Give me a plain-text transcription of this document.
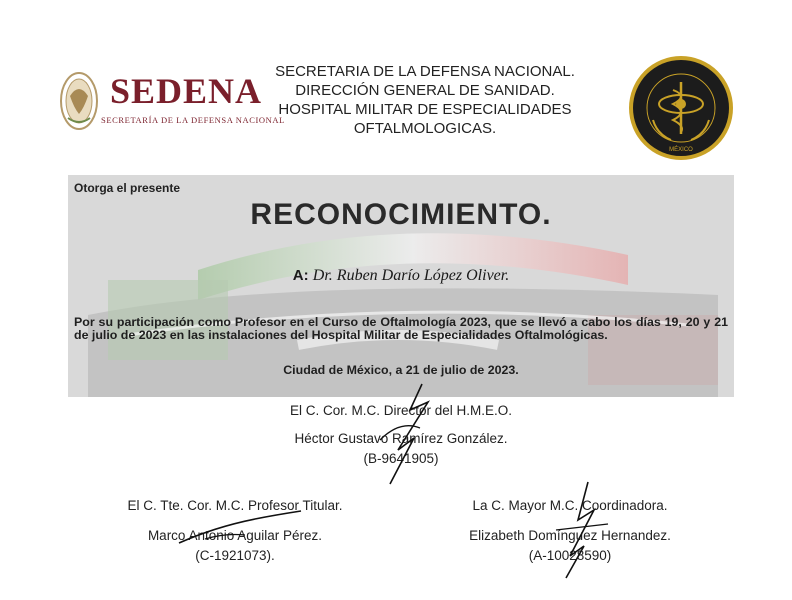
SEDENA
SECRETARÍA DE LA DEFENSA NACIONAL
SECRETARIA DE LA DEFENSA NACIONAL.
DIRECCIÓN GENERAL DE SANIDAD.
HOSPITAL MILITAR DE ESPECIALIDADES
OFTALMOLOGICAS.
MÉXICO
Otorga el presente
RECONOCIMIENTO.
A: Dr. Ruben Darío López Oliver.
Por su participación como Profesor en el Curso de Oftalmología 2023, que se llevó a cabo los días 19, 20 y 21 de julio de 2023 en las instalaciones del Hospital Militar de Especialidades Oftalmológicas.
Ciudad de México, a 21 de julio de 2023.
El C. Cor. M.C. Director del H.M.E.O.
Héctor Gustavo Ramírez González.
(B-9641905)
El C. Tte. Cor. M.C. Profesor Titular.
Marco Antonio Aguilar Pérez.
(C-1921073).
La C. Mayor M.C. Coordinadora.
Elizabeth Domínguez Hernandez.
(A-10028590)
